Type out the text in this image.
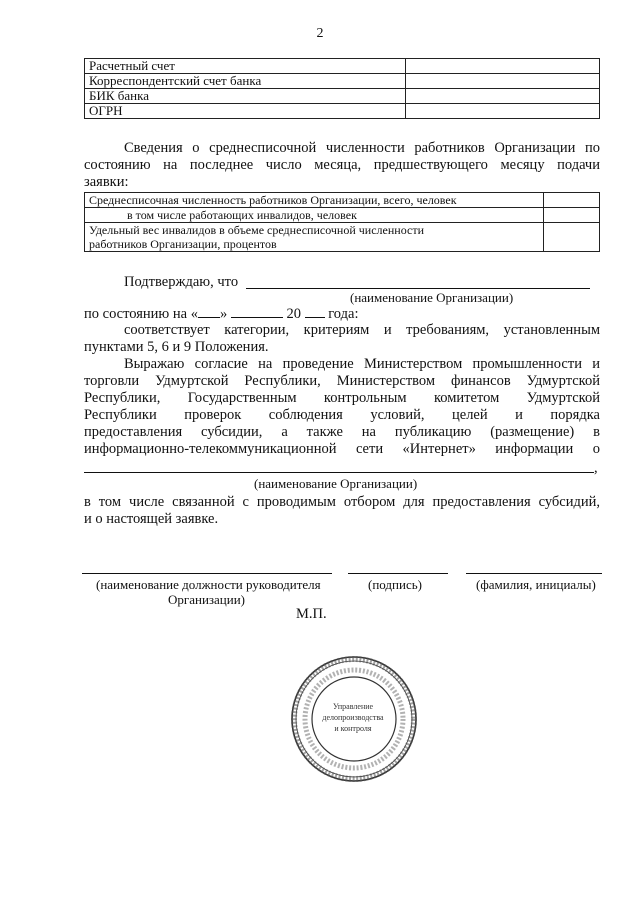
2
Расчетный счет	
Корреспондентский счет банка	
БИК банка	
ОГРН	
Сведения о среднесписочной численности работников Организации по
состоянию на последнее число месяца, предшествующего месяцу подачи
заявки:
Среднесписочная численность работников Организации, всего, человек	
в том числе работающих инвалидов, человек	

Удельный вес инвалидов в объеме среднесписочной численности
работников Организации, процентов	

Подтверждаю, что
(наименование Организации)
по состоянию на « »	20 года:
соответствует категории, критериям и требованиям, установленным
пунктами 5, 6 и 9 Положения.
Выражаю согласие на проведение Министерством промышленности и
торговли Удмуртской Республики, Министерством финансов Удмуртской
Республики, Государственным контрольным комитетом Удмуртской
Республики проверок соблюдения условий, целей и порядка
предоставления субсидии, а также на публикацию (размещение) в
информационно-телекоммуникационной сети «Интернет» информации о
,
(наименование Организации)
в том числе связанной с проводимым отбором для предоставления субсидий,
и о настоящей заявке.
(наименование должности руководителя
Организации)
(подпись)	(фамилия, инициалы)
М.П.
Управление
делопроизводства
и контроля
